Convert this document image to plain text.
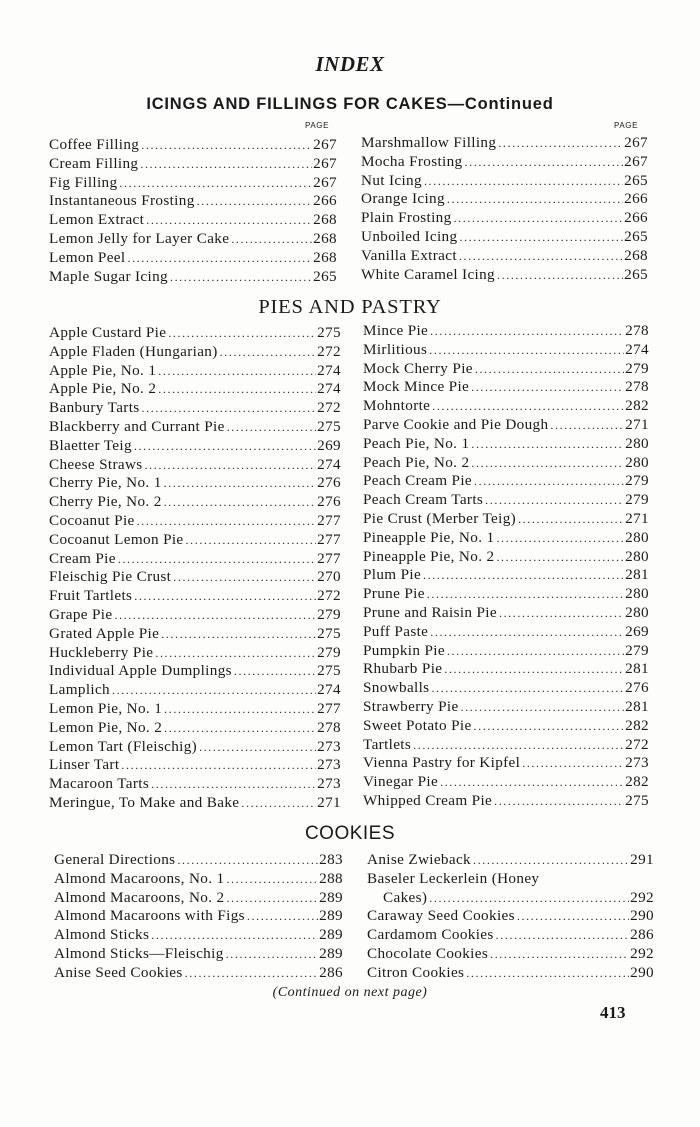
INDEX
ICINGS AND FILLINGS FOR CAKES—Continued
PAGE	PAGE
Coffee Filling .....	267
Cream Filling .....	267
Fig Filling .....	267
Instantaneous Frosting .....	266
Lemon Extract .....	268
Lemon Jelly for Layer Cake .....	268
Lemon Peel .....	268
Maple Sugar Icing .....	265
Marshmallow Filling .....	267
Mocha Frosting .....	267
Nut Icing .....	265
Orange Icing .....	266
Plain Frosting .....	266
Unboiled Icing .....	265
Vanilla Extract .....	268
White Caramel Icing .....	265
PIES AND PASTRY
Apple Custard Pie .....	275
Apple Fladen (Hungarian) .....	272
Apple Pie, No. 1 .....	274
Apple Pie, No. 2 .....	274
Banbury Tarts .....	272
Blackberry and Currant Pie .....	275
Blaetter Teig .....	269
Cheese Straws .....	274
Cherry Pie, No. 1 .....	276
Cherry Pie, No. 2 .....	276
Cocoanut Pie .....	277
Cocoanut Lemon Pie .....	277
Cream Pie .....	277
Fleischig Pie Crust .....	270
Fruit Tartlets .....	272
Grape Pie .....	279
Grated Apple Pie .....	275
Huckleberry Pie .....	279
Individual Apple Dumplings .....	275
Lamplich .....	274
Lemon Pie, No. 1 .....	277
Lemon Pie, No. 2 .....	278
Lemon Tart (Fleischig) .....	273
Linser Tart .....	273
Macaroon Tarts .....	273
Meringue, To Make and Bake .....	271
Mince Pie .....	278
Mirlitious .....	274
Mock Cherry Pie .....	279
Mock Mince Pie .....	278
Mohntorte .....	282
Parve Cookie and Pie Dough .....	271
Peach Pie, No. 1 .....	280
Peach Pie, No. 2 .....	280
Peach Cream Pie .....	279
Peach Cream Tarts .....	279
Pie Crust (Merber Teig) .....	271
Pineapple Pie, No. 1 .....	280
Pineapple Pie, No. 2 .....	280
Plum Pie .....	281
Prune Pie .....	280
Prune and Raisin Pie .....	280
Puff Paste .....	269
Pumpkin Pie .....	279
Rhubarb Pie .....	281
Snowballs .....	276
Strawberry Pie .....	281
Sweet Potato Pie .....	282
Tartlets .....	272
Vienna Pastry for Kipfel .....	273
Vinegar Pie .....	282
Whipped Cream Pie .....	275
COOKIES
General Directions .....	283
Almond Macaroons, No. 1 .....	288
Almond Macaroons, No. 2 .....	289
Almond Macaroons with Figs .....	289
Almond Sticks .....	289
Almond Sticks—Fleischig .....	289
Anise Seed Cookies .....	286
Anise Zwieback .....	291
Baseler Leckerlein (Honey
Cakes) .....	292
Caraway Seed Cookies .....	290
Cardamom Cookies .....	286
Chocolate Cookies .....	292
Citron Cookies .....	290
(Continued on next page)
413
